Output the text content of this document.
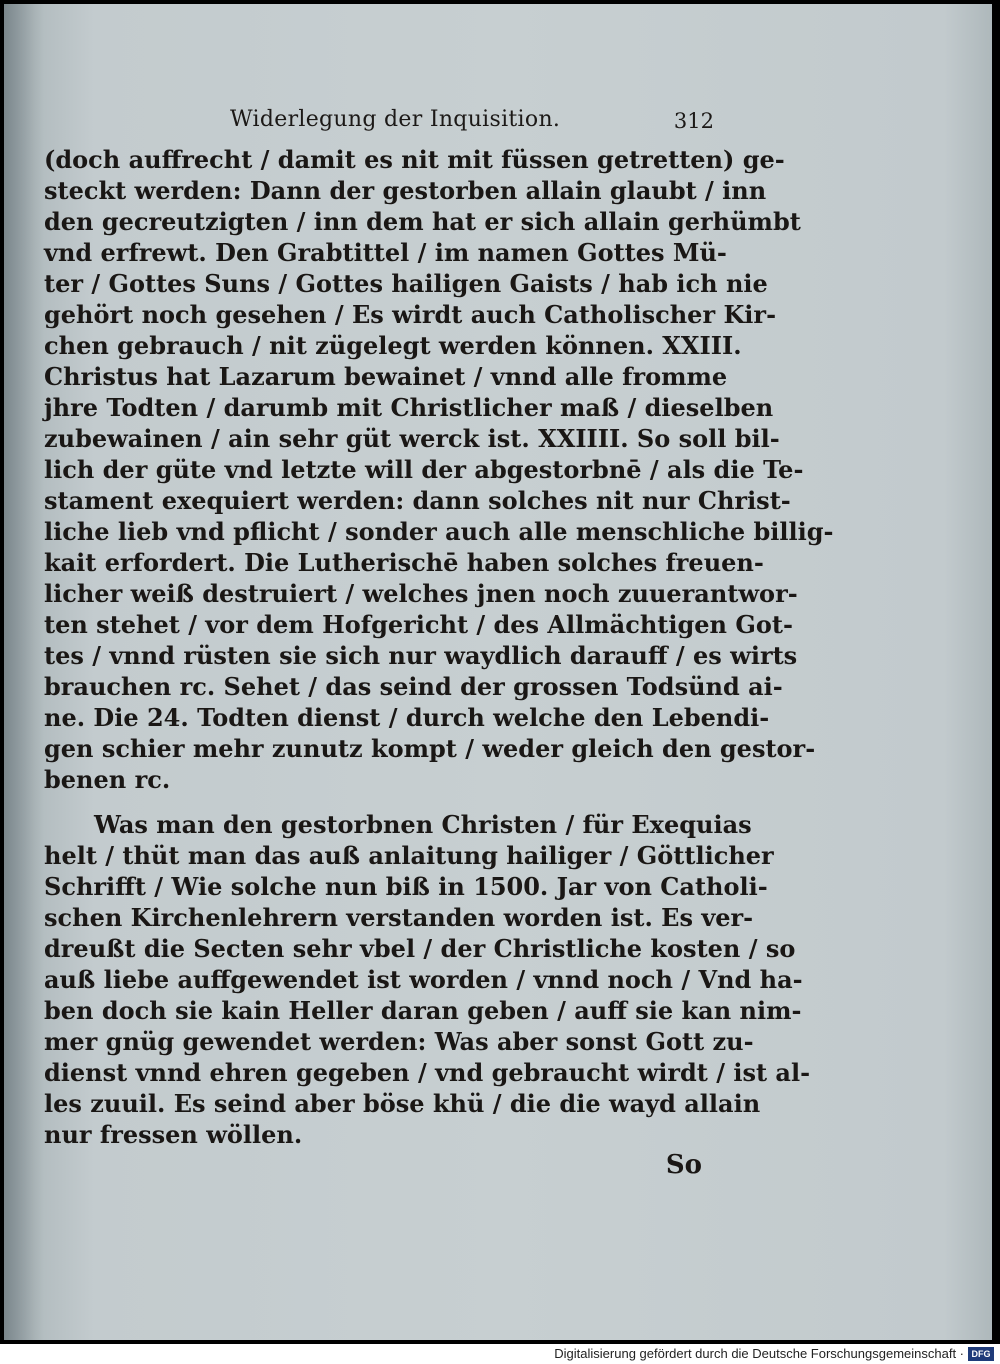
Widerlegung der Inquisition.	312
(doch auffrecht / damit es nit mit füssen getretten) ge-
steckt werden: Dann der gestorben allain glaubt / inn
den gecreutzigten / inn dem hat er sich allain gerhümbt
vnd erfrewt. Den Grabtittel / im namen Gottes Mü-
ter / Gottes Suns / Gottes hailigen Gaists / hab ich nie
gehört noch gesehen / Es wirdt auch Catholischer Kir-
chen gebrauch / nit zügelegt werden können. XXIII.
Christus hat Lazarum bewainet / vnnd alle fromme
jhre Todten / darumb mit Christlicher maß / dieselben
zubewainen / ain sehr güt werck ist. XXIIII. So soll bil-
lich der güte vnd letzte will der abgestorbnē / als die Te-
stament exequiert werden: dann solches nit nur Christ-
liche lieb vnd pflicht / sonder auch alle menschliche billig-
kait erfordert. Die Lutherischē haben solches freuen-
licher weiß destruiert / welches jnen noch zuuerantwor-
ten stehet / vor dem Hofgericht / des Allmächtigen Got-
tes / vnnd rüsten sie sich nur waydlich darauff / es wirts
brauchen rc. Sehet / das seind der grossen Todsünd ai-
ne. Die 24. Todten dienst / durch welche den Lebendi-
gen schier mehr zunutz kompt / weder gleich den gestor-
benen rc.
Was man den gestorbnen Christen / für Exequias
helt / thüt man das auß anlaitung hailiger / Göttlicher
Schrifft / Wie solche nun biß in 1500. Jar von Catholi-
schen Kirchenlehrern verstanden worden ist. Es ver-
dreußt die Secten sehr vbel / der Christliche kosten / so
auß liebe auffgewendet ist worden / vnnd noch / Vnd ha-
ben doch sie kain Heller daran geben / auff sie kan nim-
mer gnüg gewendet werden: Was aber sonst Gott zu-
dienst vnnd ehren gegeben / vnd gebraucht wirdt / ist al-
les zuuil. Es seind aber böse khü / die die wayd allain
nur fressen wöllen.
So
Digitalisierung gefördert durch die Deutsche Forschungsgemeinschaft · DFG
